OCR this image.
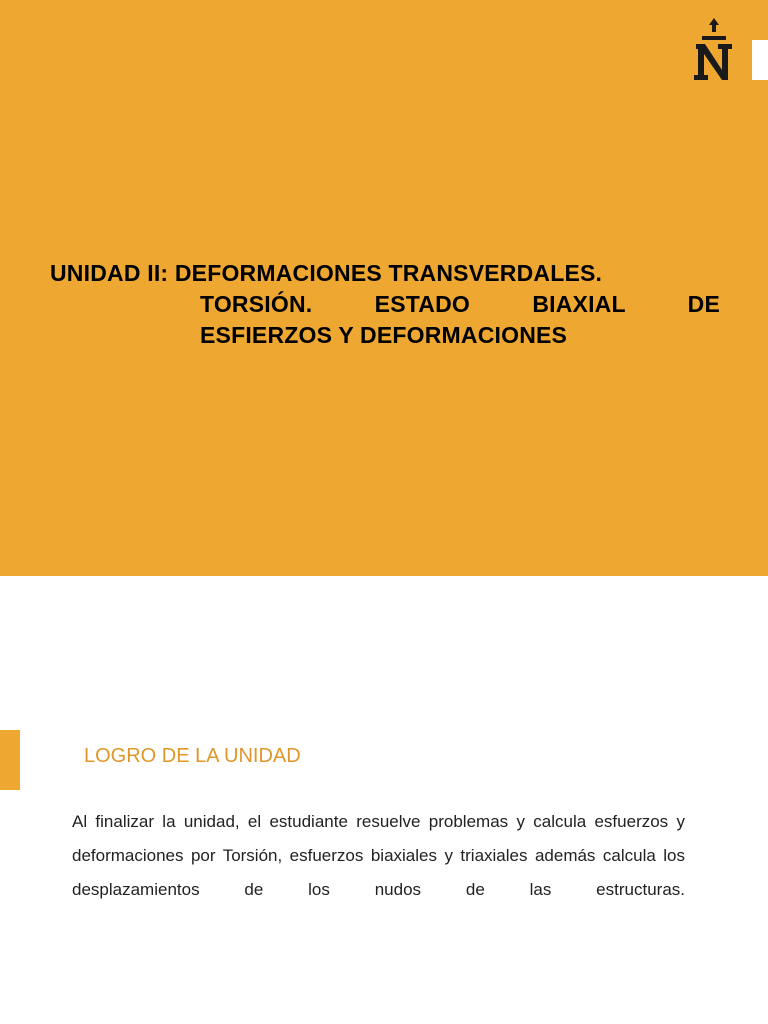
UNIDAD II: DEFORMACIONES TRANSVERDALES.
TORSIÓN. ESTADO BIAXIAL DE
ESFIERZOS Y DEFORMACIONES
LOGRO DE LA UNIDAD
Al finalizar la unidad, el estudiante resuelve problemas y calcula esfuerzos y deformaciones por Torsión, esfuerzos biaxiales y triaxiales además calcula los desplazamientos de los nudos de las estructuras.
